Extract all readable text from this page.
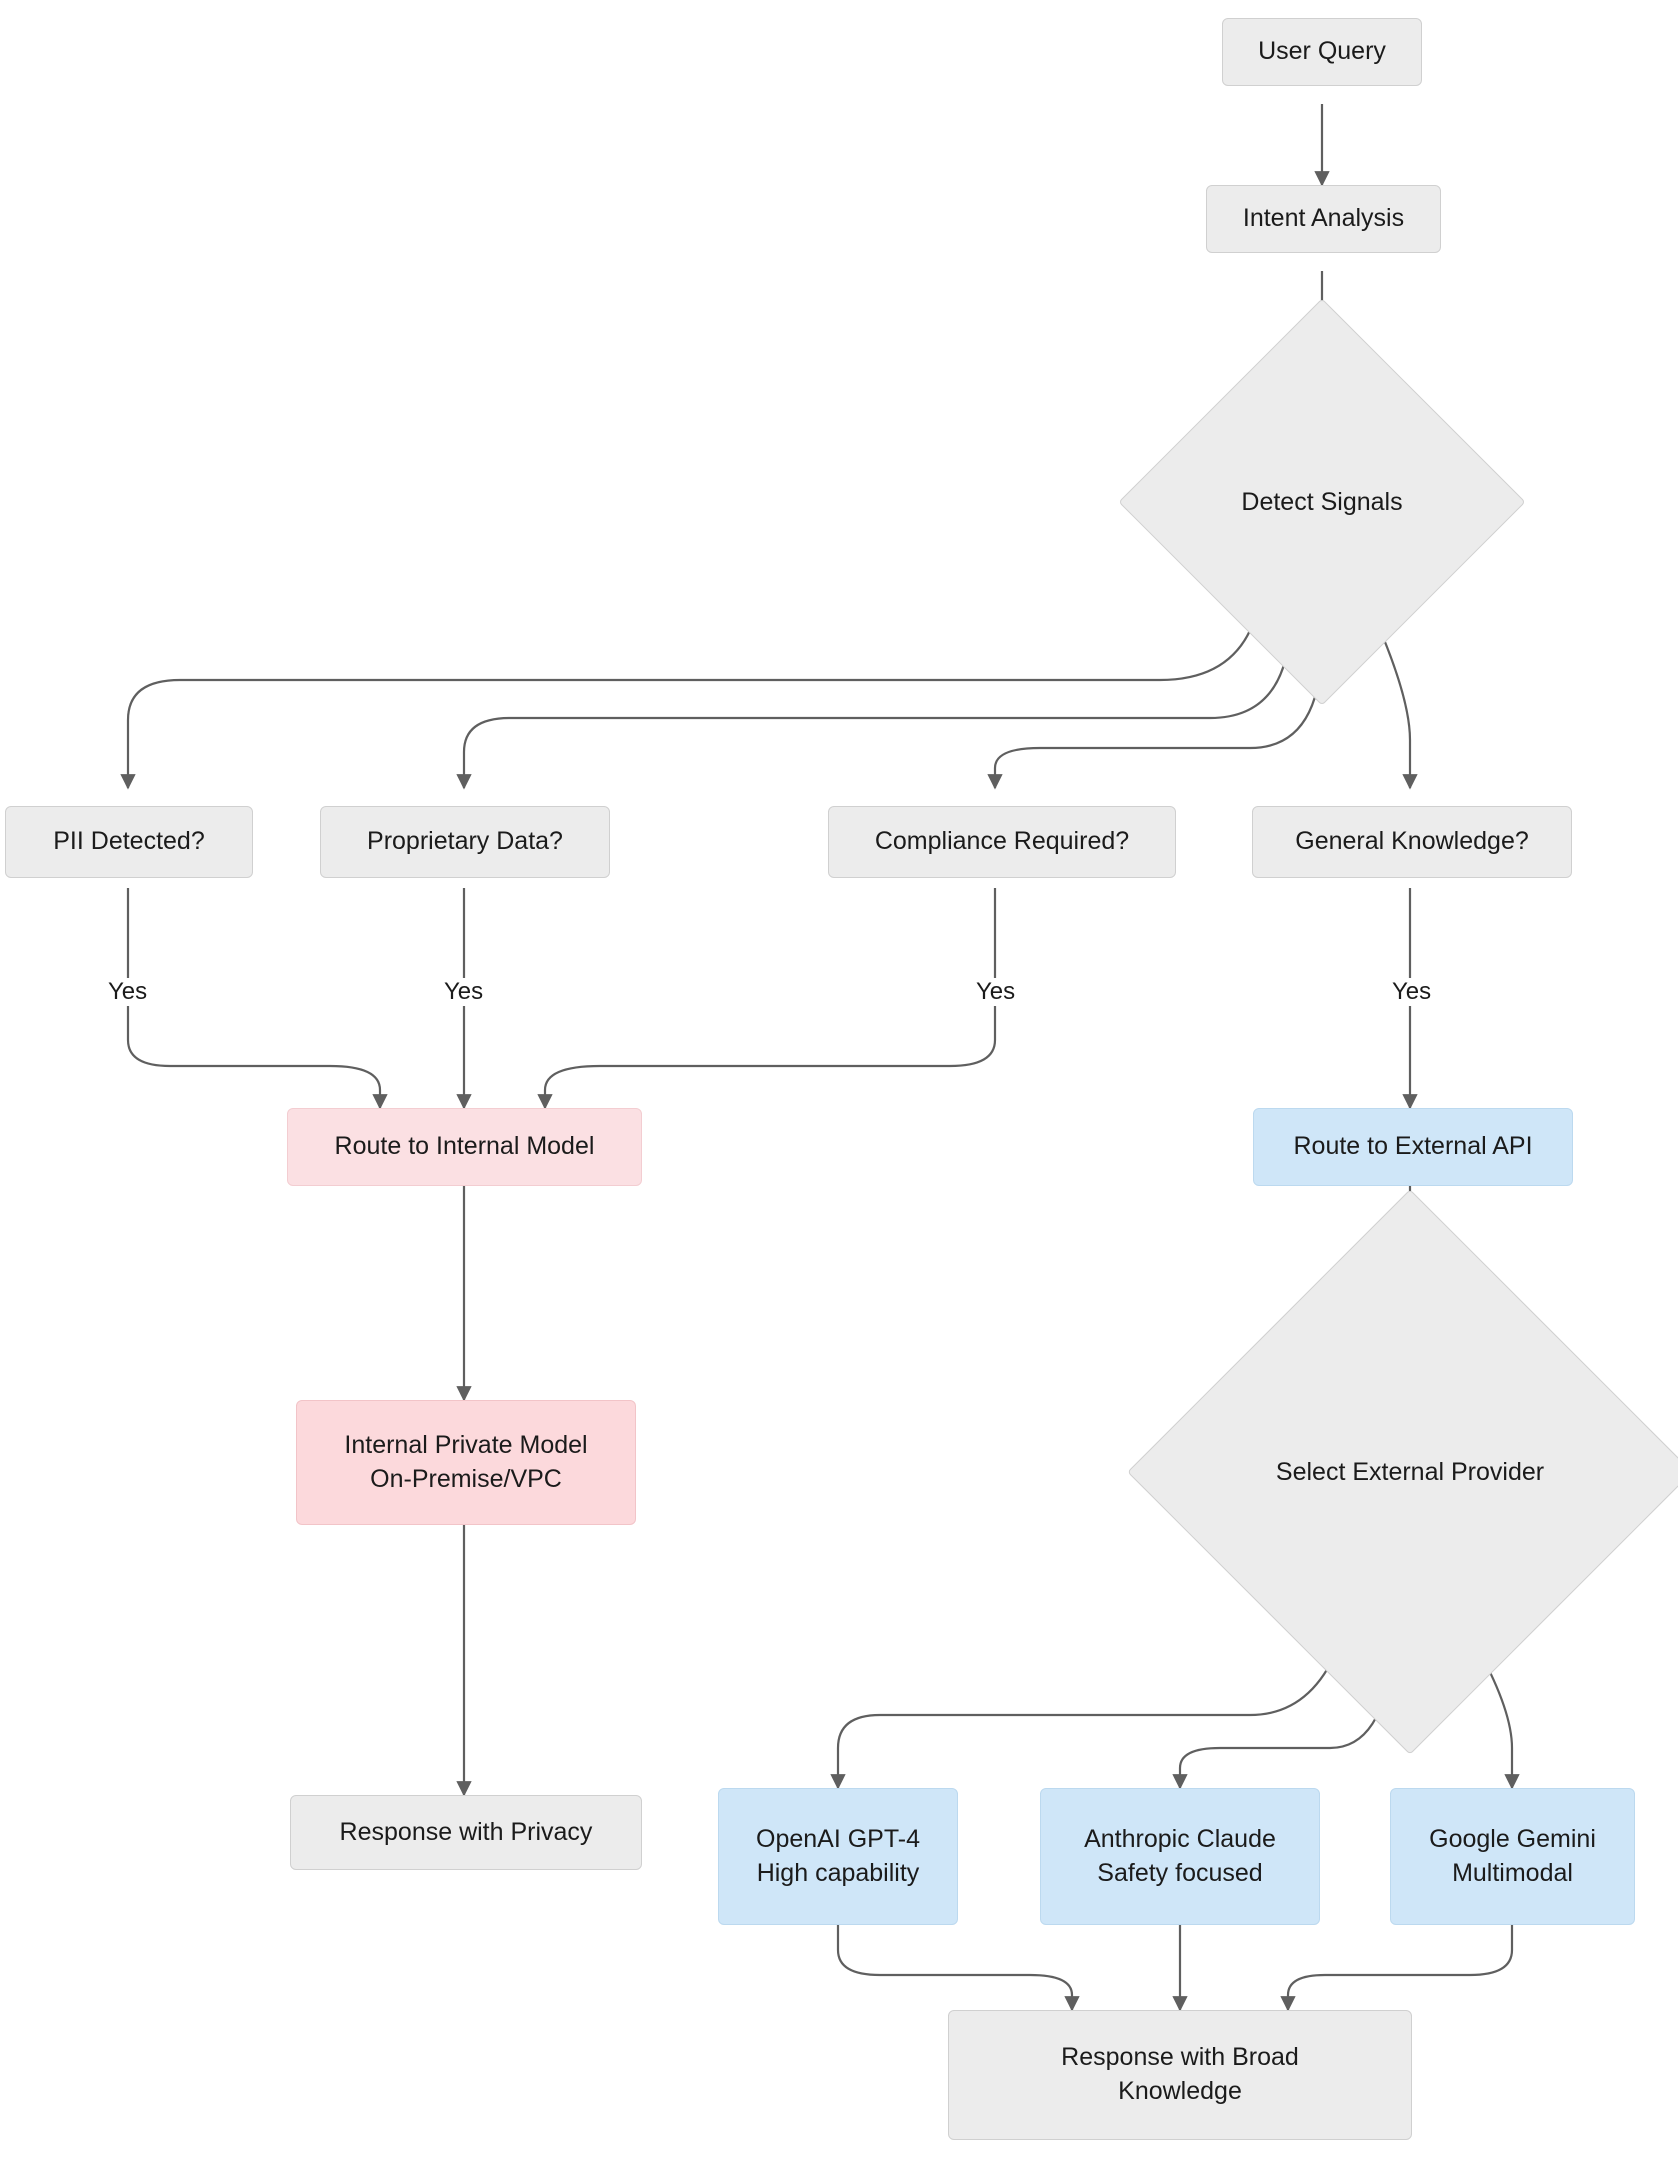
User Query
Intent Analysis
Detect Signals
PII Detected?	Proprietary Data?	Compliance Required?	General Knowledge?
Yes	Yes	Yes	Yes
Route to Internal Model	Route to External API
Internal Private Model
On-Premise/VPC	Select External Provider
Response with Privacy	OpenAI GPT-4
High capability
Anthropic Claude
Safety focused
Google Gemini
Multimodal
Response with Broad
Knowledge
